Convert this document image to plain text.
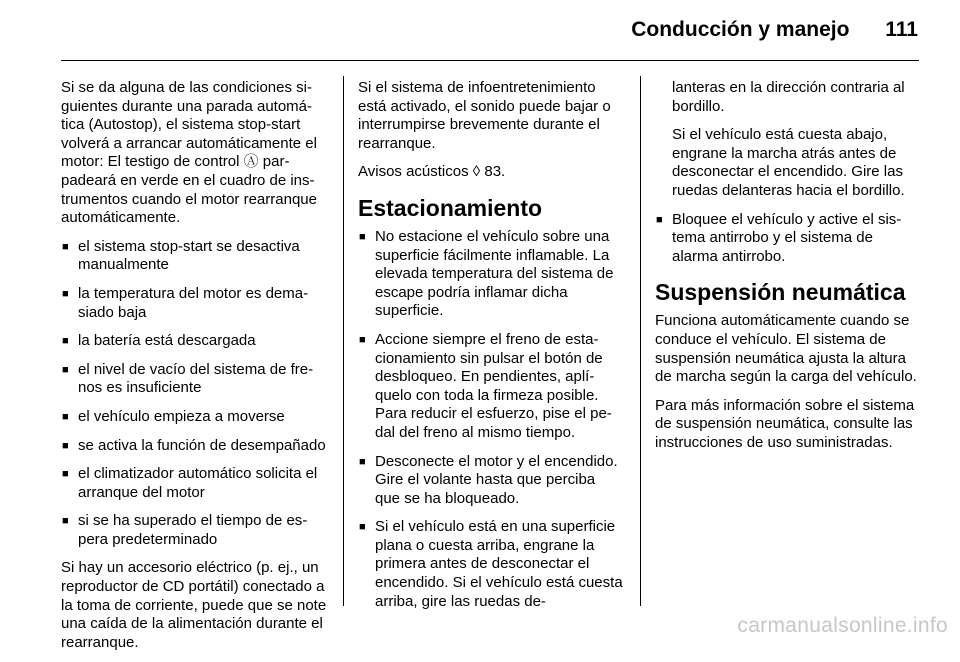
Conducción y manejo 111

Si se da alguna de las condiciones siguientes durante una parada automática (Autostop), el sistema stop-start volverá a arrancar automáticamente el motor: El testigo de control Ⓐ parpadeará en verde en el cuadro de instrumentos cuando el motor rearranque automáticamente.

■ el sistema stop-start se desactiva manualmente
■ la temperatura del motor es demasiado baja
■ la batería está descargada
■ el nivel de vacío del sistema de frenos es insuficiente
■ el vehículo empieza a moverse
■ se activa la función de desempañado
■ el climatizador automático solicita el arranque del motor
■ si se ha superado el tiempo de espera predeterminado

Si hay un accesorio eléctrico (p. ej., un reproductor de CD portátil) conectado a la toma de corriente, puede que se note una caída de la alimentación durante el rearranque.

Si el sistema de infoentretenimiento está activado, el sonido puede bajar o interrumpirse brevemente durante el rearranque.

Avisos acústicos ◊ 83.

Estacionamiento
■ No estacione el vehículo sobre una superficie fácilmente inflamable. La elevada temperatura del sistema de escape podría inflamar dicha superficie.
■ Accione siempre el freno de estacionamiento sin pulsar el botón de desbloqueo. En pendientes, aplíquelo con toda la firmeza posible. Para reducir el esfuerzo, pise el pedal del freno al mismo tiempo.
■ Desconecte el motor y el encendido. Gire el volante hasta que perciba que se ha bloqueado.
■ Si el vehículo está en una superficie plana o cuesta arriba, engrane la primera antes de desconectar el encendido. Si el vehículo está cuesta arriba, gire las ruedas de-
lanteras en la dirección contraria al bordillo.
Si el vehículo está cuesta abajo, engrane la marcha atrás antes de desconectar el encendido. Gire las ruedas delanteras hacia el bordillo.
■ Bloquee el vehículo y active el sistema antirrobo y el sistema de alarma antirrobo.
Suspensión neumática

Funciona automáticamente cuando se conduce el vehículo. El sistema de suspensión neumática ajusta la altura de marcha según la carga del vehículo.

Para más información sobre el sistema de suspensión neumática, consulte las instrucciones de uso suministradas.

carmanualsonline.info
